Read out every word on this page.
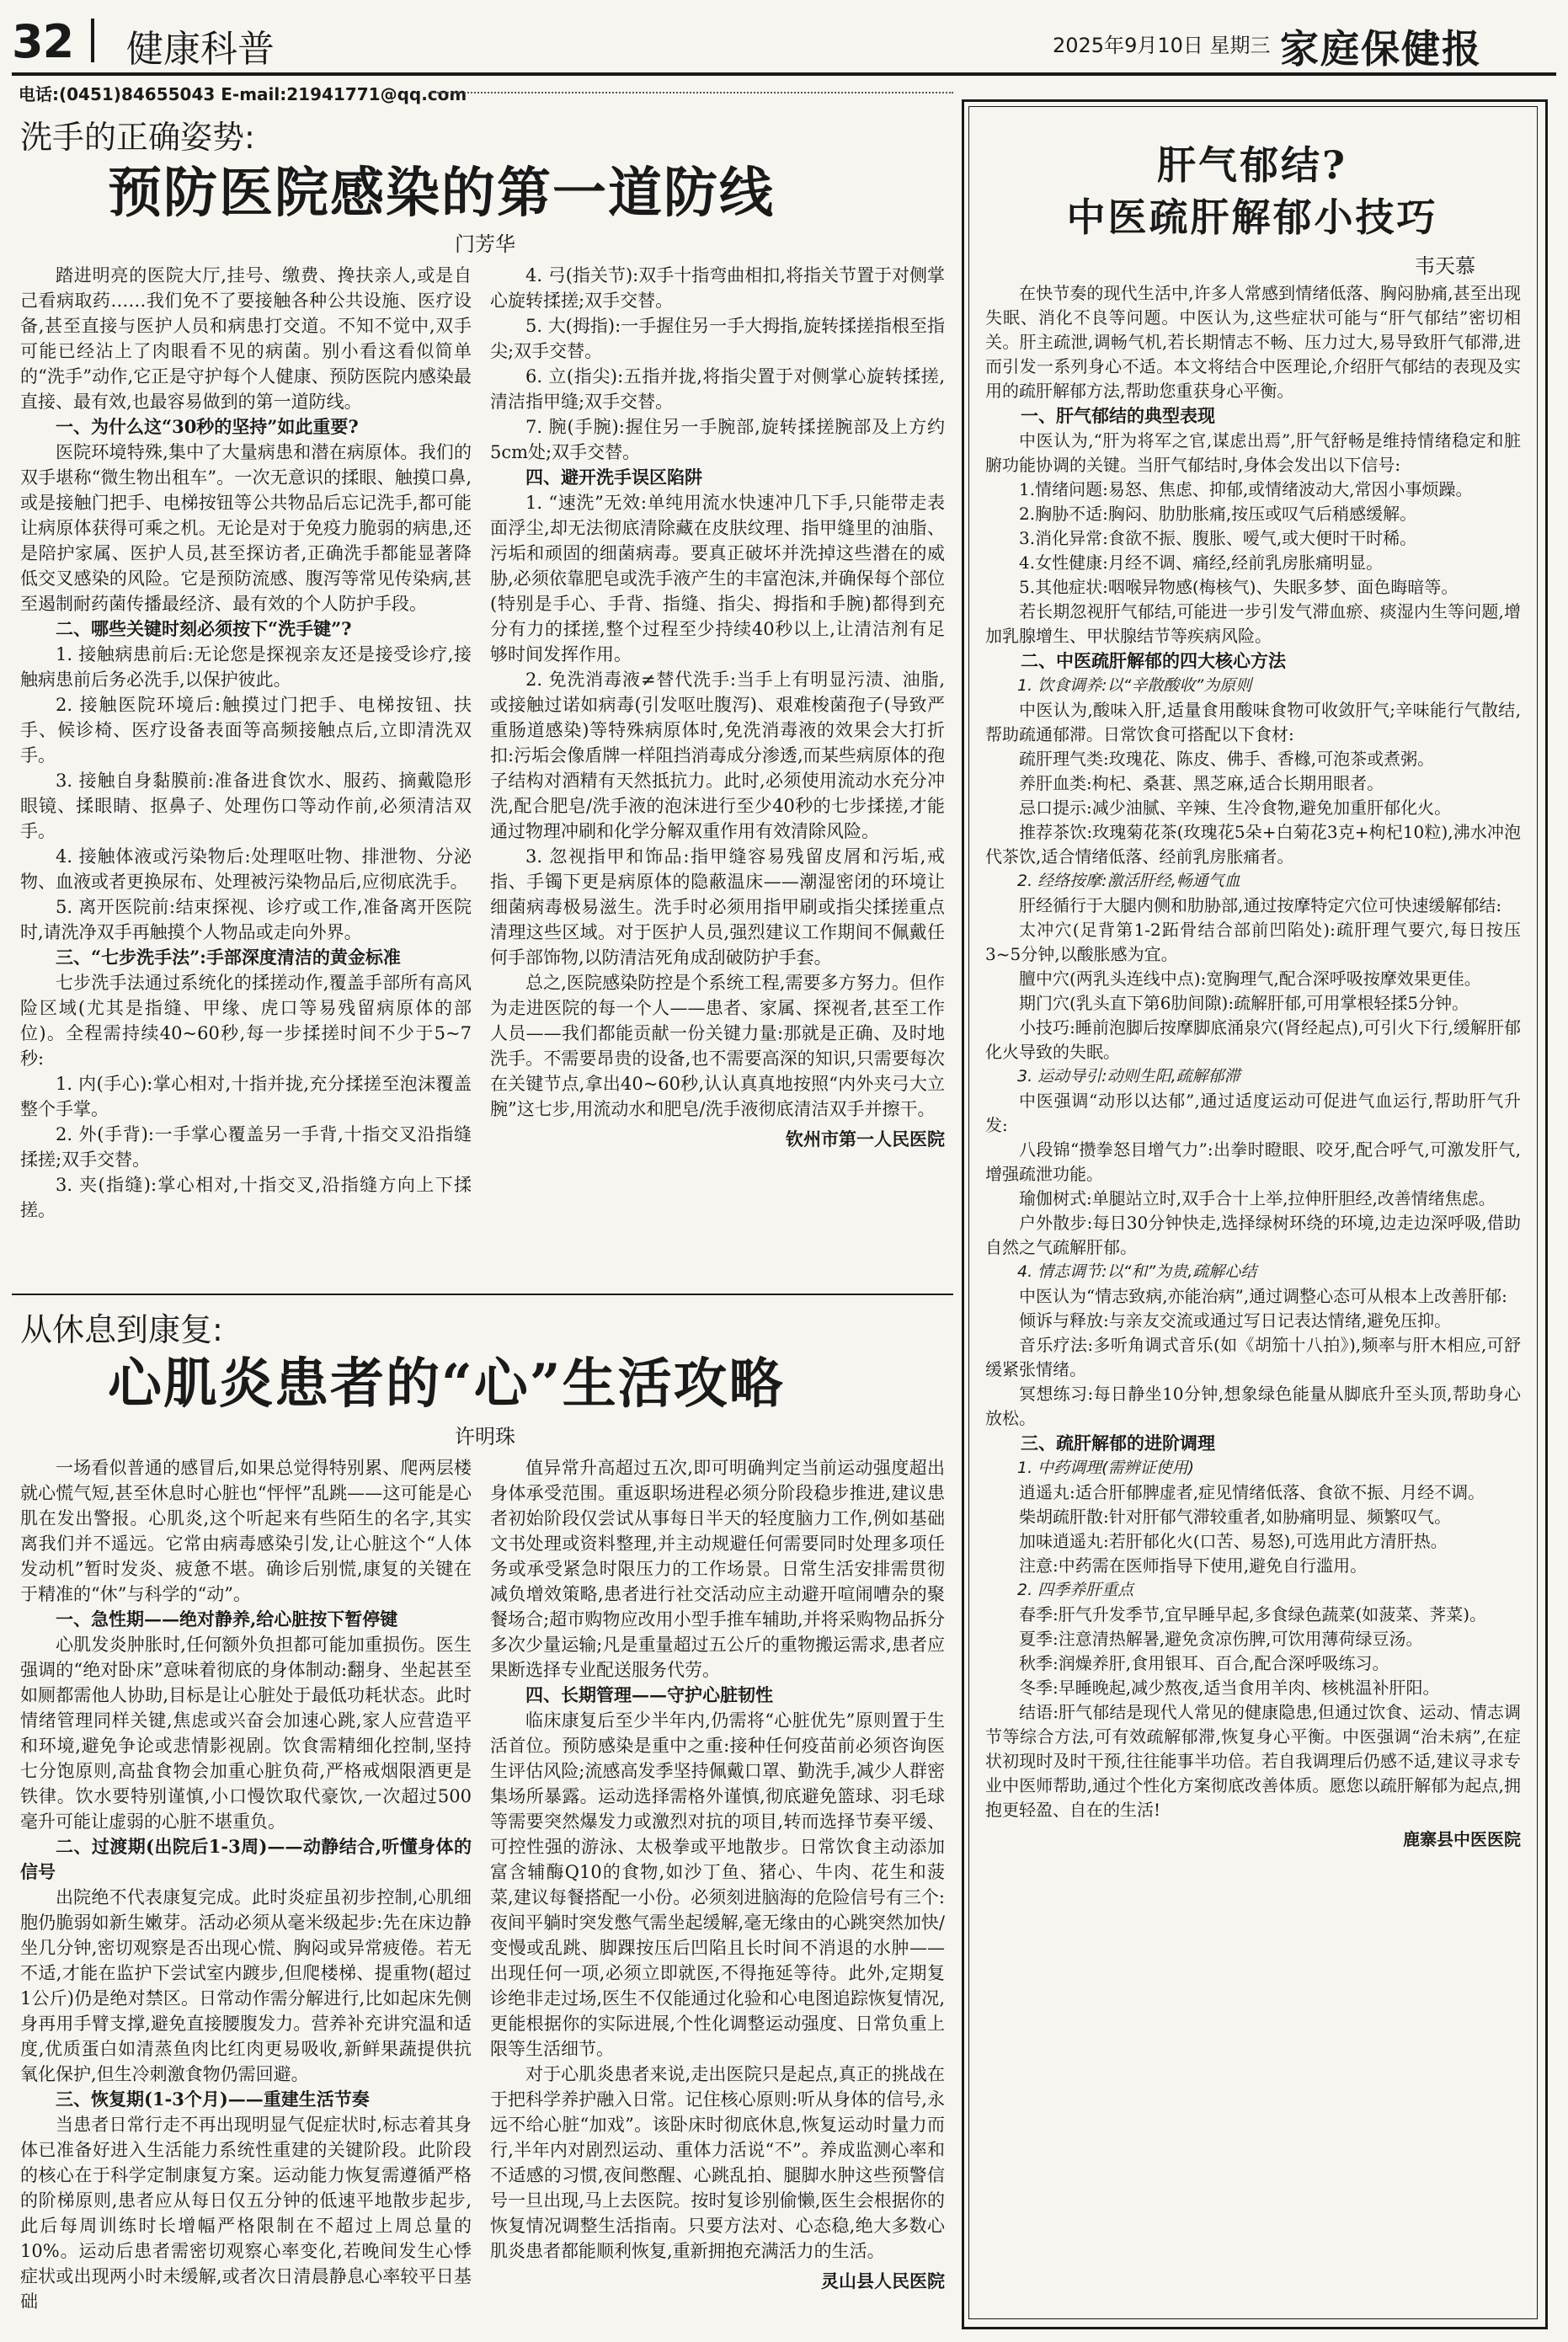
32 健康科普	2025年9月10日 星期三 家庭保健报
电话:(0451)84655043 E-mail:21941771@qq.com
洗手的正确姿势:
预防医院感染的第一道防线
门芳华

踏进明亮的医院大厅,挂号、缴费、搀扶亲人,或是自己看病取药……我们免不了要接触各种公共设施、医疗设备,甚至直接与医护人员和病患打交道。不知不觉中,双手可能已经沾上了肉眼看不见的病菌。别小看这看似简单的“洗手”动作,它正是守护每个人健康、预防医院内感染最直接、最有效,也最容易做到的第一道防线。

一、为什么这“30秒的坚持”如此重要?

医院环境特殊,集中了大量病患和潜在病原体。我们的双手堪称“微生物出租车”。一次无意识的揉眼、触摸口鼻,或是接触门把手、电梯按钮等公共物品后忘记洗手,都可能让病原体获得可乘之机。无论是对于免疫力脆弱的病患,还是陪护家属、医护人员,甚至探访者,正确洗手都能显著降低交叉感染的风险。它是预防流感、腹泻等常见传染病,甚至遏制耐药菌传播最经济、最有效的个人防护手段。

二、哪些关键时刻必须按下“洗手键”?

1. 接触病患前后:无论您是探视亲友还是接受诊疗,接触病患前后务必洗手,以保护彼此。

2. 接触医院环境后:触摸过门把手、电梯按钮、扶手、候诊椅、医疗设备表面等高频接触点后,立即清洗双手。

3. 接触自身黏膜前:准备进食饮水、服药、摘戴隐形眼镜、揉眼睛、抠鼻子、处理伤口等动作前,必须清洁双手。

4. 接触体液或污染物后:处理呕吐物、排泄物、分泌物、血液或者更换尿布、处理被污染物品后,应彻底洗手。

5. 离开医院前:结束探视、诊疗或工作,准备离开医院时,请洗净双手再触摸个人物品或走向外界。

三、“七步洗手法”:手部深度清洁的黄金标准

七步洗手法通过系统化的揉搓动作,覆盖手部所有高风险区域(尤其是指缝、甲缘、虎口等易残留病原体的部位)。全程需持续40~60秒,每一步揉搓时间不少于5~7秒:

1. 内(手心):掌心相对,十指并拢,充分揉搓至泡沫覆盖整个手掌。

2. 外(手背):一手掌心覆盖另一手背,十指交叉沿指缝揉搓;双手交替。

3. 夹(指缝):掌心相对,十指交叉,沿指缝方向上下揉搓。

4. 弓(指关节):双手十指弯曲相扣,将指关节置于对侧掌心旋转揉搓;双手交替。

5. 大(拇指):一手握住另一手大拇指,旋转揉搓指根至指尖;双手交替。

6. 立(指尖):五指并拢,将指尖置于对侧掌心旋转揉搓,清洁指甲缝;双手交替。

7. 腕(手腕):握住另一手腕部,旋转揉搓腕部及上方约5cm处;双手交替。

四、避开洗手误区陷阱

1. “速洗”无效:单纯用流水快速冲几下手,只能带走表面浮尘,却无法彻底清除藏在皮肤纹理、指甲缝里的油脂、污垢和顽固的细菌病毒。要真正破坏并洗掉这些潜在的威胁,必须依靠肥皂或洗手液产生的丰富泡沫,并确保每个部位(特别是手心、手背、指缝、指尖、拇指和手腕)都得到充分有力的揉搓,整个过程至少持续40秒以上,让清洁剂有足够时间发挥作用。

2. 免洗消毒液≠替代洗手:当手上有明显污渍、油脂,或接触过诺如病毒(引发呕吐腹泻)、艰难梭菌孢子(导致严重肠道感染)等特殊病原体时,免洗消毒液的效果会大打折扣:污垢会像盾牌一样阻挡消毒成分渗透,而某些病原体的孢子结构对酒精有天然抵抗力。此时,必须使用流动水充分冲洗,配合肥皂/洗手液的泡沫进行至少40秒的七步揉搓,才能通过物理冲刷和化学分解双重作用有效清除风险。

3. 忽视指甲和饰品:指甲缝容易残留皮屑和污垢,戒指、手镯下更是病原体的隐蔽温床——潮湿密闭的环境让细菌病毒极易滋生。洗手时必须用指甲刷或指尖揉搓重点清理这些区域。对于医护人员,强烈建议工作期间不佩戴任何手部饰物,以防清洁死角成刮破防护手套。

总之,医院感染防控是个系统工程,需要多方努力。但作为走进医院的每一个人——患者、家属、探视者,甚至工作人员——我们都能贡献一份关键力量:那就是正确、及时地洗手。不需要昂贵的设备,也不需要高深的知识,只需要每次在关键节点,拿出40~60秒,认认真真地按照“内外夹弓大立腕”这七步,用流动水和肥皂/洗手液彻底清洁双手并擦干。

钦州市第一人民医院

从休息到康复:
心肌炎患者的“心”生活攻略
许明珠

一场看似普通的感冒后,如果总觉得特别累、爬两层楼就心慌气短,甚至休息时心脏也“怦怦”乱跳——这可能是心肌在发出警报。心肌炎,这个听起来有些陌生的名字,其实离我们并不遥远。它常由病毒感染引发,让心脏这个“人体发动机”暂时发炎、疲惫不堪。确诊后别慌,康复的关键在于精准的“休”与科学的“动”。

一、急性期——绝对静养,给心脏按下暂停键

心肌发炎肿胀时,任何额外负担都可能加重损伤。医生强调的“绝对卧床”意味着彻底的身体制动:翻身、坐起甚至如厕都需他人协助,目标是让心脏处于最低功耗状态。此时情绪管理同样关键,焦虑或兴奋会加速心跳,家人应营造平和环境,避免争论或悲情影视剧。饮食需精细化控制,坚持七分饱原则,高盐食物会加重心脏负荷,严格戒烟限酒更是铁律。饮水要特别谨慎,小口慢饮取代豪饮,一次超过500毫升可能让虚弱的心脏不堪重负。

二、过渡期(出院后1-3周)——动静结合,听懂身体的信号

出院绝不代表康复完成。此时炎症虽初步控制,心肌细胞仍脆弱如新生嫩芽。活动必须从毫米级起步:先在床边静坐几分钟,密切观察是否出现心慌、胸闷或异常疲倦。若无不适,才能在监护下尝试室内踱步,但爬楼梯、提重物(超过1公斤)仍是绝对禁区。日常动作需分解进行,比如起床先侧身再用手臂支撑,避免直接腰腹发力。营养补充讲究温和适度,优质蛋白如清蒸鱼肉比红肉更易吸收,新鲜果蔬提供抗氧化保护,但生冷刺激食物仍需回避。

三、恢复期(1-3个月)——重建生活节奏

当患者日常行走不再出现明显气促症状时,标志着其身体已准备好进入生活能力系统性重建的关键阶段。此阶段的核心在于科学定制康复方案。运动能力恢复需遵循严格的阶梯原则,患者应从每日仅五分钟的低速平地散步起步,此后每周训练时长增幅严格限制在不超过上周总量的10%。运动后患者需密切观察心率变化,若晚间发生心悸症状或出现两小时未缓解,或者次日清晨静息心率较平日基础

值异常升高超过五次,即可明确判定当前运动强度超出身体承受范围。重返职场进程必须分阶段稳步推进,建议患者初始阶段仅尝试从事每日半天的轻度脑力工作,例如基础文书处理或资料整理,并主动规避任何需要同时处理多项任务或承受紧急时限压力的工作场景。日常生活安排需贯彻减负增效策略,患者进行社交活动应主动避开喧闹嘈杂的聚餐场合;超市购物应改用小型手推车辅助,并将采购物品拆分多次少量运输;凡是重量超过五公斤的重物搬运需求,患者应果断选择专业配送服务代劳。

四、长期管理——守护心脏韧性

临床康复后至少半年内,仍需将“心脏优先”原则置于生活首位。预防感染是重中之重:接种任何疫苗前必须咨询医生评估风险;流感高发季坚持佩戴口罩、勤洗手,减少人群密集场所暴露。运动选择需格外谨慎,彻底避免篮球、羽毛球等需要突然爆发力或激烈对抗的项目,转而选择节奏平缓、可控性强的游泳、太极拳或平地散步。日常饮食主动添加富含辅酶Q10的食物,如沙丁鱼、猪心、牛肉、花生和菠菜,建议每餐搭配一小份。必须刻进脑海的危险信号有三个:夜间平躺时突发憋气需坐起缓解,毫无缘由的心跳突然加快/变慢或乱跳、脚踝按压后凹陷且长时间不消退的水肿——出现任何一项,必须立即就医,不得拖延等待。此外,定期复诊绝非走过场,医生不仅能通过化验和心电图追踪恢复情况,更能根据你的实际进展,个性化调整运动强度、日常负重上限等生活细节。

对于心肌炎患者来说,走出医院只是起点,真正的挑战在于把科学养护融入日常。记住核心原则:听从身体的信号,永远不给心脏“加戏”。该卧床时彻底休息,恢复运动时量力而行,半年内对剧烈运动、重体力活说“不”。养成监测心率和不适感的习惯,夜间憋醒、心跳乱拍、腿脚水肿这些预警信号一旦出现,马上去医院。按时复诊别偷懒,医生会根据你的恢复情况调整生活指南。只要方法对、心态稳,绝大多数心肌炎患者都能顺利恢复,重新拥抱充满活力的生活。

灵山县人民医院

肝气郁结?
中医疏肝解郁小技巧
韦天慕

在快节奏的现代生活中,许多人常感到情绪低落、胸闷胁痛,甚至出现失眠、消化不良等问题。中医认为,这些症状可能与“肝气郁结”密切相关。肝主疏泄,调畅气机,若长期情志不畅、压力过大,易导致肝气郁滞,进而引发一系列身心不适。本文将结合中医理论,介绍肝气郁结的表现及实用的疏肝解郁方法,帮助您重获身心平衡。

一、肝气郁结的典型表现

中医认为,“肝为将军之官,谋虑出焉”,肝气舒畅是维持情绪稳定和脏腑功能协调的关键。当肝气郁结时,身体会发出以下信号:

1.情绪问题:易怒、焦虑、抑郁,或情绪波动大,常因小事烦躁。

2.胸胁不适:胸闷、肋肋胀痛,按压或叹气后稍感缓解。

3.消化异常:食欲不振、腹胀、嗳气,或大便时干时稀。

4.女性健康:月经不调、痛经,经前乳房胀痛明显。

5.其他症状:咽喉异物感(梅核气)、失眠多梦、面色晦暗等。

若长期忽视肝气郁结,可能进一步引发气滞血瘀、痰湿内生等问题,增加乳腺增生、甲状腺结节等疾病风险。

二、中医疏肝解郁的四大核心方法

1. 饮食调养:以“辛散酸收”为原则

中医认为,酸味入肝,适量食用酸味食物可收敛肝气;辛味能行气散结,帮助疏通郁滞。日常饮食可搭配以下食材:

疏肝理气类:玫瑰花、陈皮、佛手、香橼,可泡茶或煮粥。

养肝血类:枸杞、桑葚、黑芝麻,适合长期用眼者。

忌口提示:减少油腻、辛辣、生冷食物,避免加重肝郁化火。

推荐茶饮:玫瑰菊花茶(玫瑰花5朵+白菊花3克+枸杞10粒),沸水冲泡代茶饮,适合情绪低落、经前乳房胀痛者。

2. 经络按摩:激活肝经,畅通气血

肝经循行于大腿内侧和肋胁部,通过按摩特定穴位可快速缓解郁结:

太冲穴(足背第1-2跖骨结合部前凹陷处):疏肝理气要穴,每日按压3~5分钟,以酸胀感为宜。

膻中穴(两乳头连线中点):宽胸理气,配合深呼吸按摩效果更佳。

期门穴(乳头直下第6肋间隙):疏解肝郁,可用掌根轻揉5分钟。

小技巧:睡前泡脚后按摩脚底涌泉穴(肾经起点),可引火下行,缓解肝郁化火导致的失眠。

3. 运动导引:动则生阳,疏解郁滞

中医强调“动形以达郁”,通过适度运动可促进气血运行,帮助肝气升发:

八段锦“攒拳怒目增气力”:出拳时瞪眼、咬牙,配合呼气,可激发肝气,增强疏泄功能。

瑜伽树式:单腿站立时,双手合十上举,拉伸肝胆经,改善情绪焦虑。

户外散步:每日30分钟快走,选择绿树环绕的环境,边走边深呼吸,借助自然之气疏解肝郁。

4. 情志调节:以“和”为贵,疏解心结

中医认为“情志致病,亦能治病”,通过调整心态可从根本上改善肝郁:

倾诉与释放:与亲友交流或通过写日记表达情绪,避免压抑。

音乐疗法:多听角调式音乐(如《胡笳十八拍》),频率与肝木相应,可舒缓紧张情绪。

冥想练习:每日静坐10分钟,想象绿色能量从脚底升至头顶,帮助身心放松。

三、疏肝解郁的进阶调理

1. 中药调理(需辨证使用)

逍遥丸:适合肝郁脾虚者,症见情绪低落、食欲不振、月经不调。

柴胡疏肝散:针对肝郁气滞较重者,如胁痛明显、频繁叹气。

加味逍遥丸:若肝郁化火(口苦、易怒),可选用此方清肝热。

注意:中药需在医师指导下使用,避免自行滥用。

2. 四季养肝重点

春季:肝气升发季节,宜早睡早起,多食绿色蔬菜(如菠菜、荠菜)。

夏季:注意清热解暑,避免贪凉伤脾,可饮用薄荷绿豆汤。

秋季:润燥养肝,食用银耳、百合,配合深呼吸练习。

冬季:早睡晚起,减少熬夜,适当食用羊肉、核桃温补肝阳。

结语:肝气郁结是现代人常见的健康隐患,但通过饮食、运动、情志调节等综合方法,可有效疏解郁滞,恢复身心平衡。中医强调“治未病”,在症状初现时及时干预,往往能事半功倍。若自我调理后仍感不适,建议寻求专业中医师帮助,通过个性化方案彻底改善体质。愿您以疏肝解郁为起点,拥抱更轻盈、自在的生活!

鹿寨县中医医院
